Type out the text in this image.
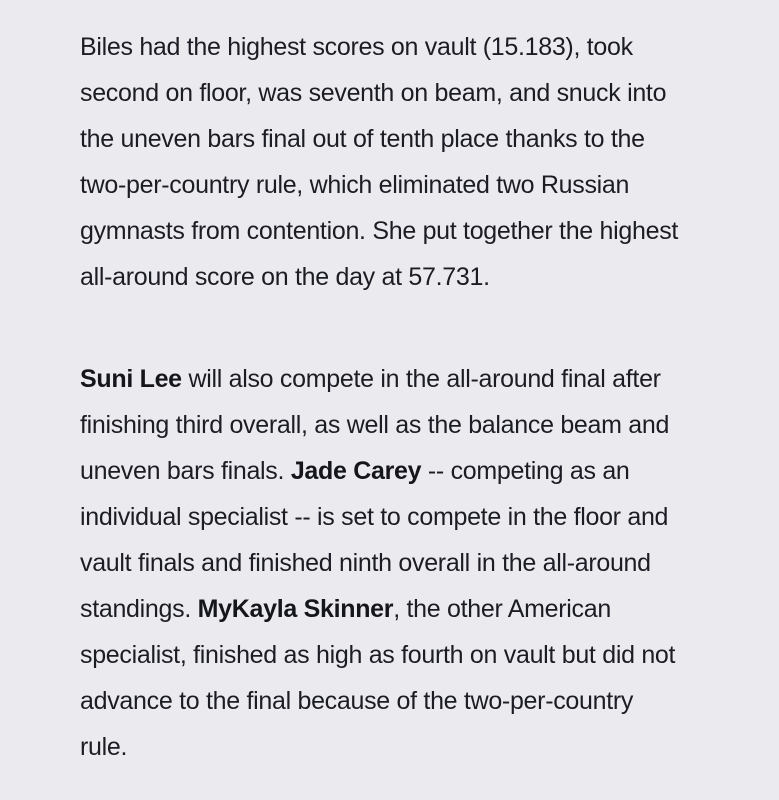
Biles had the highest scores on vault (15.183), took
second on floor, was seventh on beam, and snuck into
the uneven bars final out of tenth place thanks to the
two-per-country rule, which eliminated two Russian
gymnasts from contention. She put together the highest
all-around score on the day at 57.731.

Suni Lee will also compete in the all-around final after
finishing third overall, as well as the balance beam and
uneven bars finals. Jade Carey -- competing as an
individual specialist -- is set to compete in the floor and
vault finals and finished ninth overall in the all-around
standings. MyKayla Skinner, the other American
specialist, finished as high as fourth on vault but did not
advance to the final because of the two-per-country
rule.
